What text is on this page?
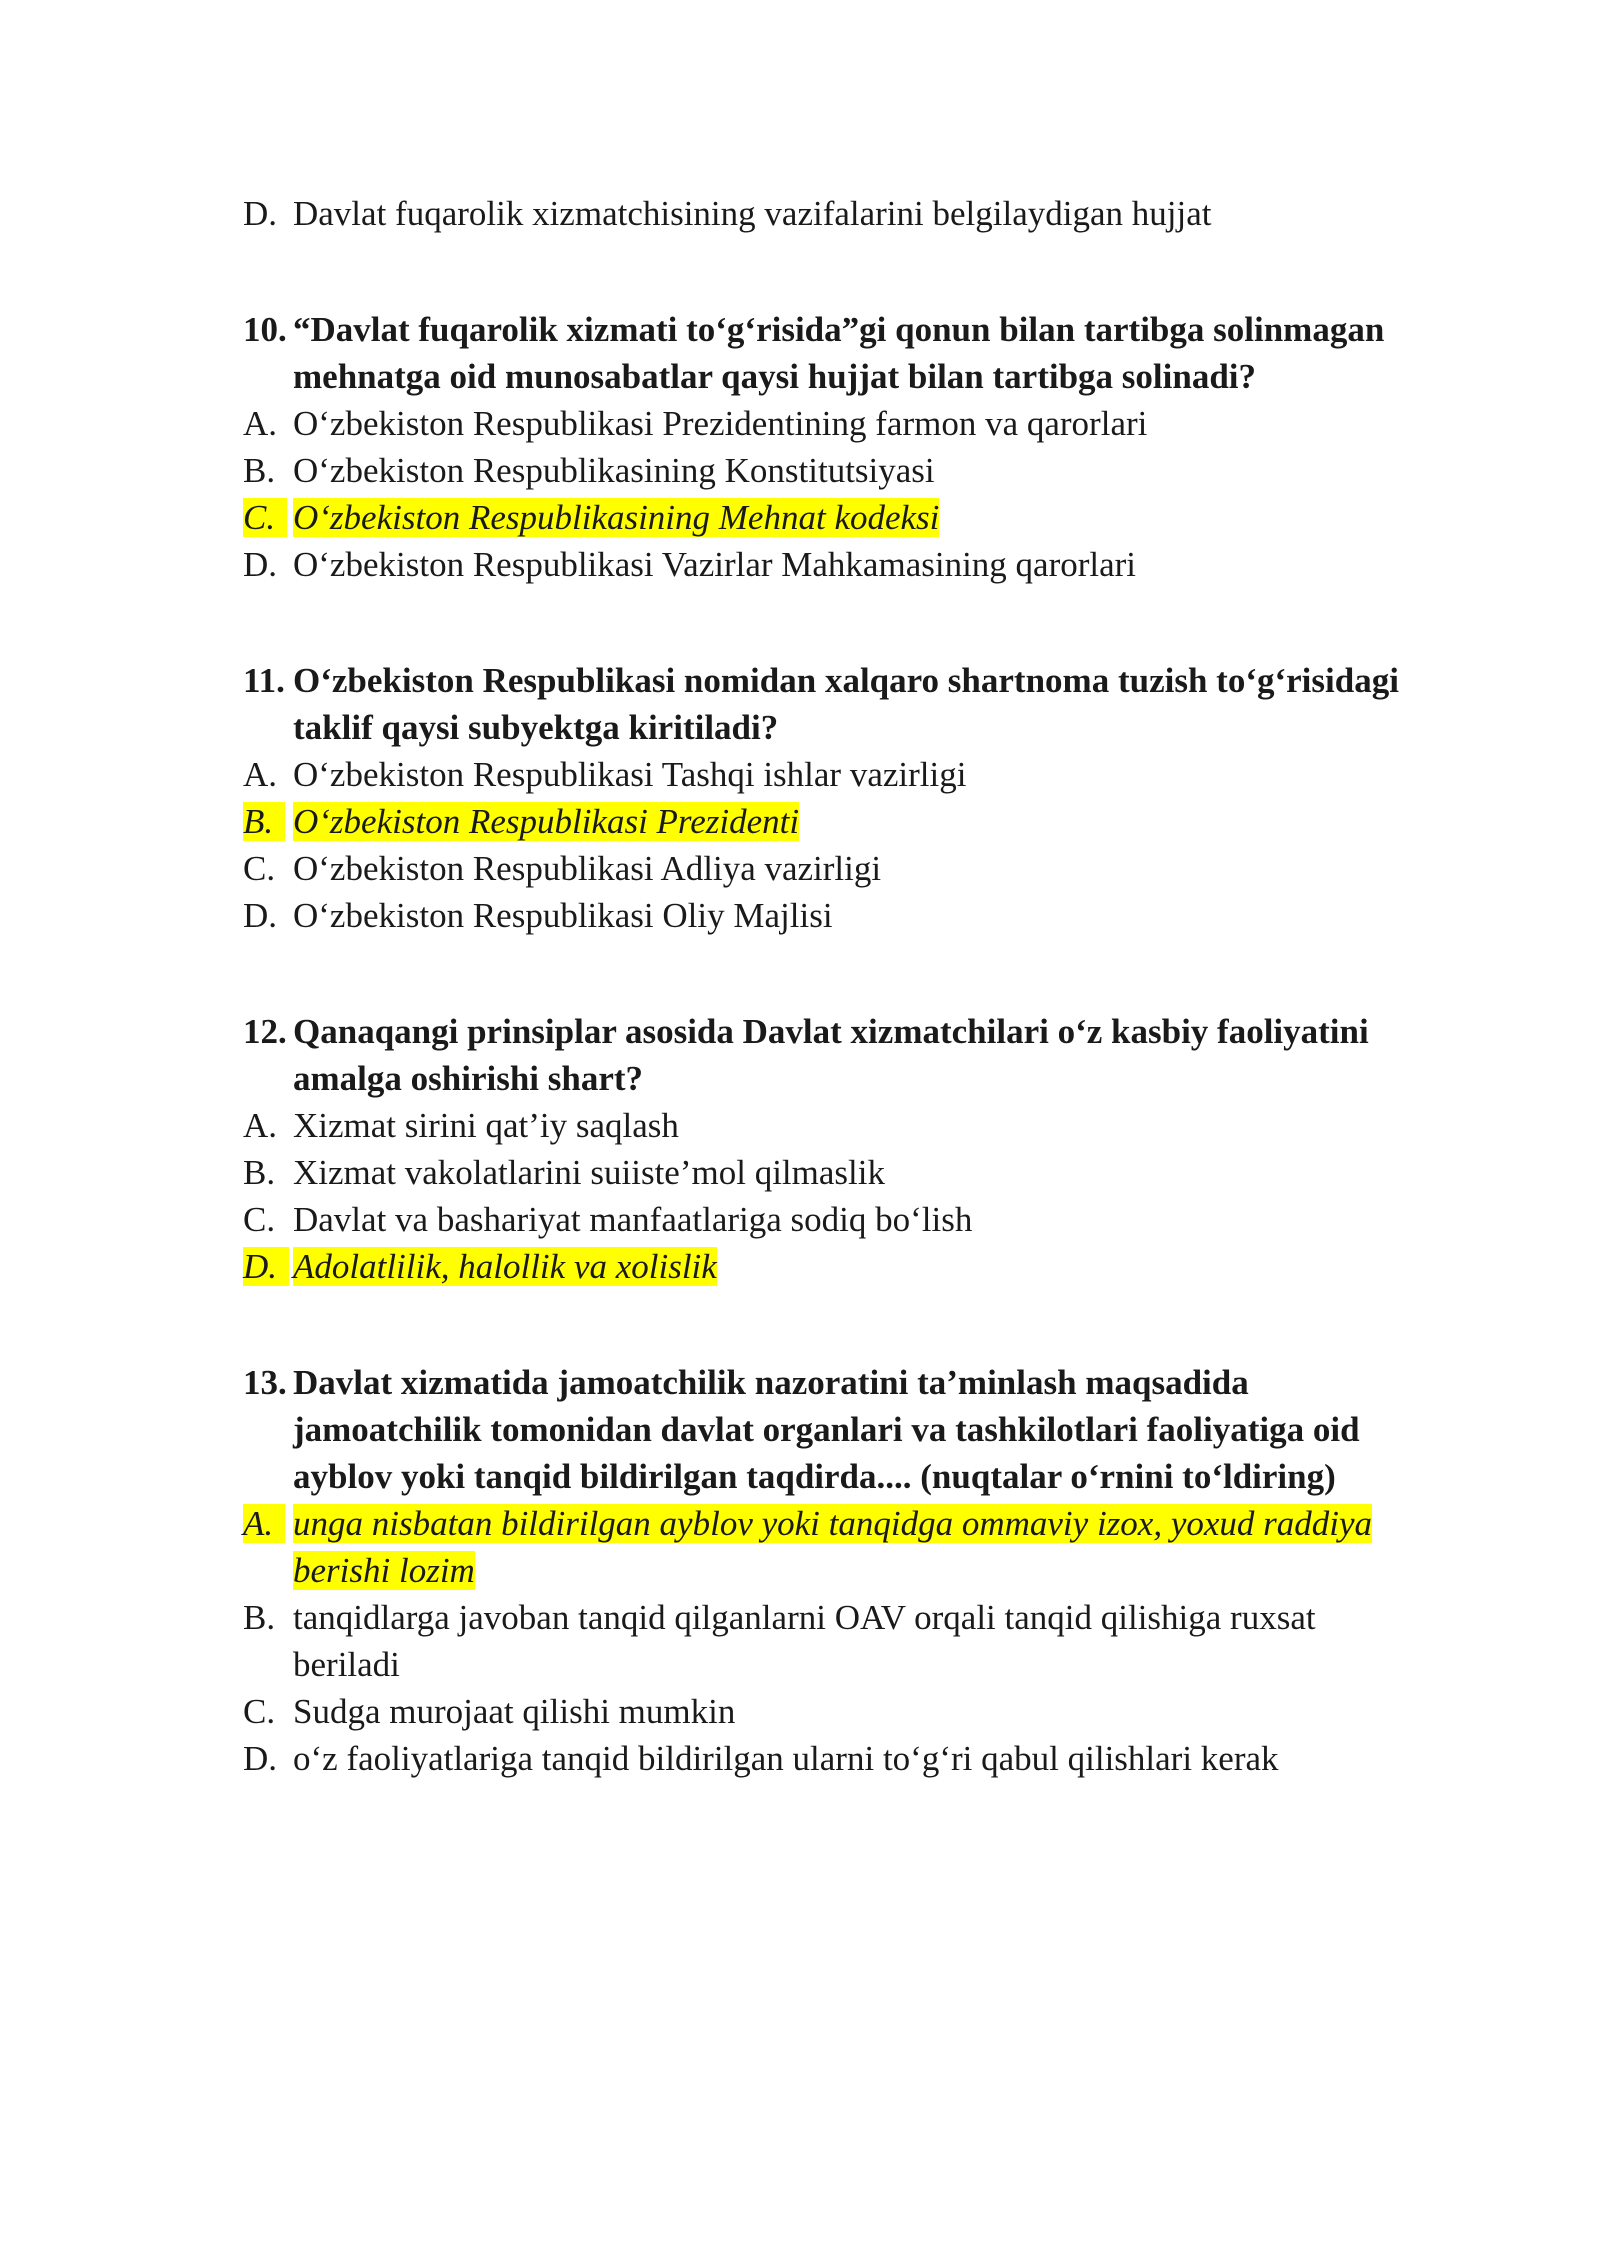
D. Davlat fuqarolik xizmatchisining vazifalarini belgilaydigan hujjat
10. “Davlat fuqarolik xizmati to‘g‘risida”gi qonun bilan tartibga solinmagan mehnatga oid munosabatlar qaysi hujjat bilan tartibga solinadi?
A. O‘zbekiston Respublikasi Prezidentining farmon va qarorlari
B. O‘zbekiston Respublikasining Konstitutsiyasi
C. O‘zbekiston Respublikasining Mehnat kodeksi
D. O‘zbekiston Respublikasi Vazirlar Mahkamasining qarorlari
11. O‘zbekiston Respublikasi nomidan xalqaro shartnoma tuzish to‘g‘risidagi taklif qaysi subyektga kiritiladi?
A. O‘zbekiston Respublikasi Tashqi ishlar vazirligi
B. O‘zbekiston Respublikasi Prezidenti
C. O‘zbekiston Respublikasi Adliya vazirligi
D. O‘zbekiston Respublikasi Oliy Majlisi
12. Qanaqangi prinsiplar asosida Davlat xizmatchilari o‘z kasbiy faoliyatini amalga oshirishi shart?
A. Xizmat sirini qat’iy saqlash
B. Xizmat vakolatlarini suiiste’mol qilmaslik
C. Davlat va bashariyat manfaatlariga sodiq bo‘lish
D. Adolatlilik, halollik va xolislik
13. Davlat xizmatida jamoatchilik nazoratini ta’minlash maqsadida jamoatchilik tomonidan davlat organlari va tashkilotlari faoliyatiga oid ayblov yoki tanqid bildirilgan taqdirda.... (nuqtalar o‘rnini to‘ldiring)
A. unga nisbatan bildirilgan ayblov yoki tanqidga ommaviy izox, yoxud raddiya berishi lozim
B. tanqidlarga javoban tanqid qilganlarni OAV orqali tanqid qilishiga ruxsat beriladi
C. Sudga murojaat qilishi mumkin
D. o‘z faoliyatlariga tanqid bildirilgan ularni to‘g‘ri qabul qilishlari kerak
